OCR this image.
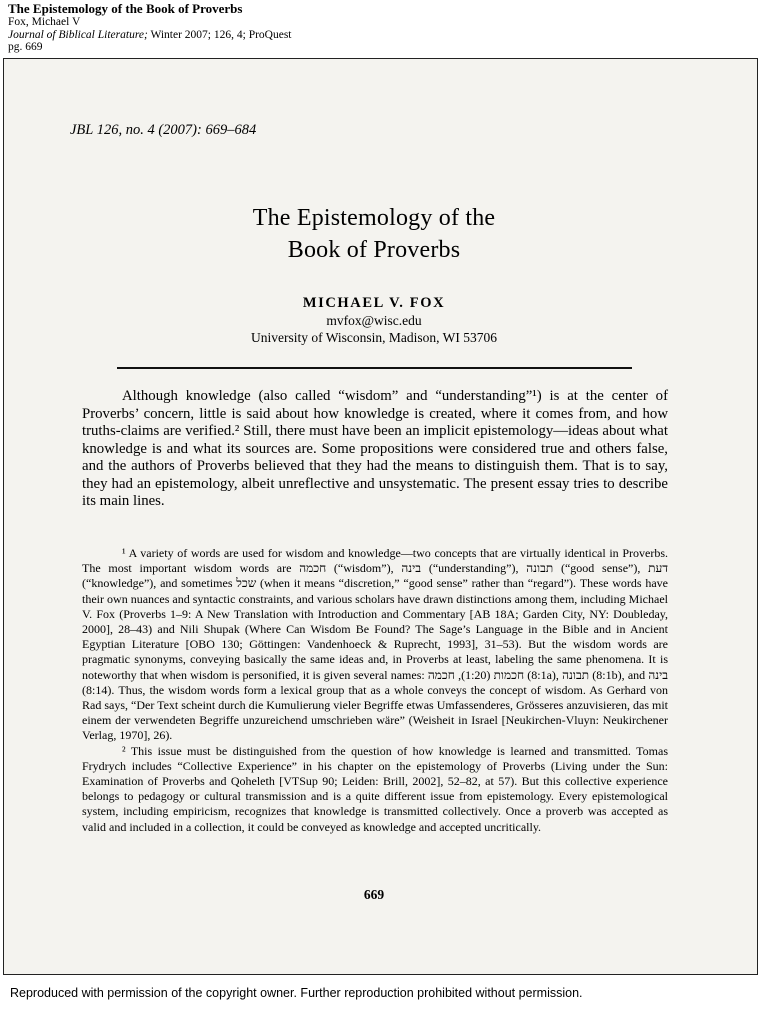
The Epistemology of the Book of Proverbs
Fox, Michael V
Journal of Biblical Literature; Winter 2007; 126, 4; ProQuest
pg. 669
JBL 126, no. 4 (2007): 669–684
The Epistemology of the
Book of Proverbs
MICHAEL V. FOX
mvfox@wisc.edu
University of Wisconsin, Madison, WI 53706

Although knowledge (also called “wisdom” and “understanding”¹) is at the center of Proverbs’ concern, little is said about how knowledge is created, where it comes from, and how truths-claims are verified.² Still, there must have been an implicit epistemology—ideas about what knowledge is and what its sources are. Some propositions were considered true and others false, and the authors of Proverbs believed that they had the means to distinguish them. That is to say, they had an epistemology, albeit unreflective and unsystematic. The present essay tries to describe its main lines.

¹ A variety of words are used for wisdom and knowledge—two concepts that are virtually identical in Proverbs. The most important wisdom words are חכמה (“wisdom”), בינה (“understanding”), תבונה (“good sense”), דעת (“knowledge”), and sometimes שכל (when it means “discretion,” “good sense” rather than “regard”). These words have their own nuances and syntactic constraints, and various scholars have drawn distinctions among them, including Michael V. Fox (Proverbs 1–9: A New Translation with Introduction and Commentary [AB 18A; Garden City, NY: Doubleday, 2000], 28–43) and Nili Shupak (Where Can Wisdom Be Found? The Sage’s Language in the Bible and in Ancient Egyptian Literature [OBO 130; Göttingen: Vandenhoeck & Ruprecht, 1993], 31–53). But the wisdom words are pragmatic synonyms, conveying basically the same ideas and, in Proverbs at least, labeling the same phenomena. It is noteworthy that when wisdom is personified, it is given several names: חכמות (1:20), חכמה (8:1a), תבונה (8:1b), and בינה (8:14). Thus, the wisdom words form a lexical group that as a whole conveys the concept of wisdom. As Gerhard von Rad says, “Der Text scheint durch die Kumulierung vieler Begriffe etwas Umfassenderes, Grösseres anzuvisieren, das mit einem der verwendeten Begriffe unzureichend umschrieben wäre” (Weisheit in Israel [Neukirchen-Vluyn: Neukirchener Verlag, 1970], 26).

² This issue must be distinguished from the question of how knowledge is learned and transmitted. Tomas Frydrych includes “Collective Experience” in his chapter on the epistemology of Proverbs (Living under the Sun: Examination of Proverbs and Qoheleth [VTSup 90; Leiden: Brill, 2002], 52–82, at 57). But this collective experience belongs to pedagogy or cultural transmission and is a quite different issue from epistemology. Every epistemological system, including empiricism, recognizes that knowledge is transmitted collectively. Once a proverb was accepted as valid and included in a collection, it could be conveyed as knowledge and accepted uncritically.

669
Reproduced with permission of the copyright owner. Further reproduction prohibited without permission.
